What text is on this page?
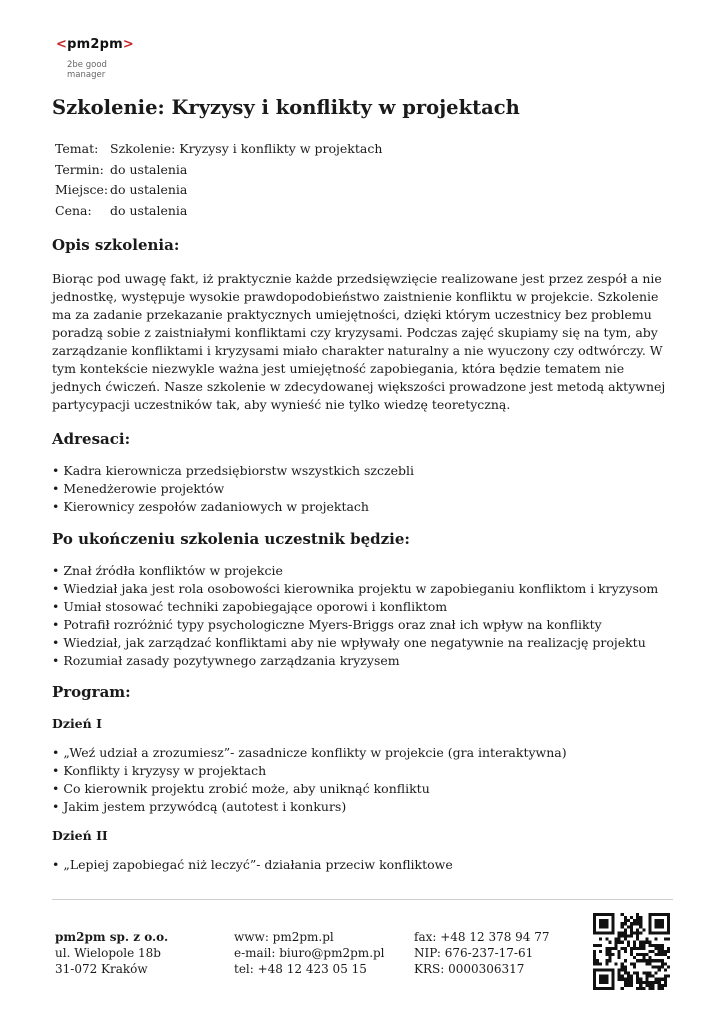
<pm2pm>
2be good
manager
Szkolenie: Kryzysy i konflikty w projektach
Temat:	Szkolenie: Kryzysy i konflikty w projektach
Termin:	do ustalenia
Miejsce:	do ustalenia
Cena:	do ustalenia
Opis szkolenia:

Biorąc pod uwagę fakt, iż praktycznie każde przedsięwzięcie realizowane jest przez zespół a nie jednostkę, występuje wysokie prawdopodobieństwo zaistnienie konfliktu w projekcie. Szkolenie ma za zadanie przekazanie praktycznych umiejętności, dzięki którym uczestnicy bez problemu poradzą sobie z zaistniałymi konfliktami czy kryzysami. Podczas zajęć skupiamy się na tym, aby zarządzanie konfliktami i kryzysami miało charakter naturalny a nie wyuczony czy odtwórczy. W tym kontekście niezwykle ważna jest umiejętność zapobiegania, która będzie tematem nie jednych ćwiczeń. Nasze szkolenie w zdecydowanej większości prowadzone jest metodą aktywnej partycypacji uczestników tak, aby wynieść nie tylko wiedzę teoretyczną.

Adresaci:
• Kadra kierownicza przedsiębiorstw wszystkich szczebli
• Menedżerowie projektów
• Kierownicy zespołów zadaniowych w projektach
Po ukończeniu szkolenia uczestnik będzie:
• Znał źródła konfliktów w projekcie
• Wiedział jaka jest rola osobowości kierownika projektu w zapobieganiu konfliktom i kryzysom
• Umiał stosować techniki zapobiegające oporowi i konfliktom
• Potrafił rozróżnić typy psychologiczne Myers-Briggs oraz znał ich wpływ na konflikty
• Wiedział, jak zarządzać konfliktami aby nie wpływały one negatywnie na realizację projektu
• Rozumiał zasady pozytywnego zarządzania kryzysem
Program:
Dzień I
• „Weź udział a zrozumiesz”- zasadnicze konflikty w projekcie (gra interaktywna)
• Konflikty i kryzysy w projektach
• Co kierownik projektu zrobić może, aby uniknąć konfliktu
• Jakim jestem przywódcą (autotest i konkurs)
Dzień II
• „Lepiej zapobiegać niż leczyć”- działania przeciw konfliktowe
pm2pm sp. z o.o.
ul. Wielopole 18b
31-072 Kraków
www: pm2pm.pl
e-mail: biuro@pm2pm.pl
tel: +48 12 423 05 15
fax: +48 12 378 94 77
NIP: 676-237-17-61
KRS: 0000306317
